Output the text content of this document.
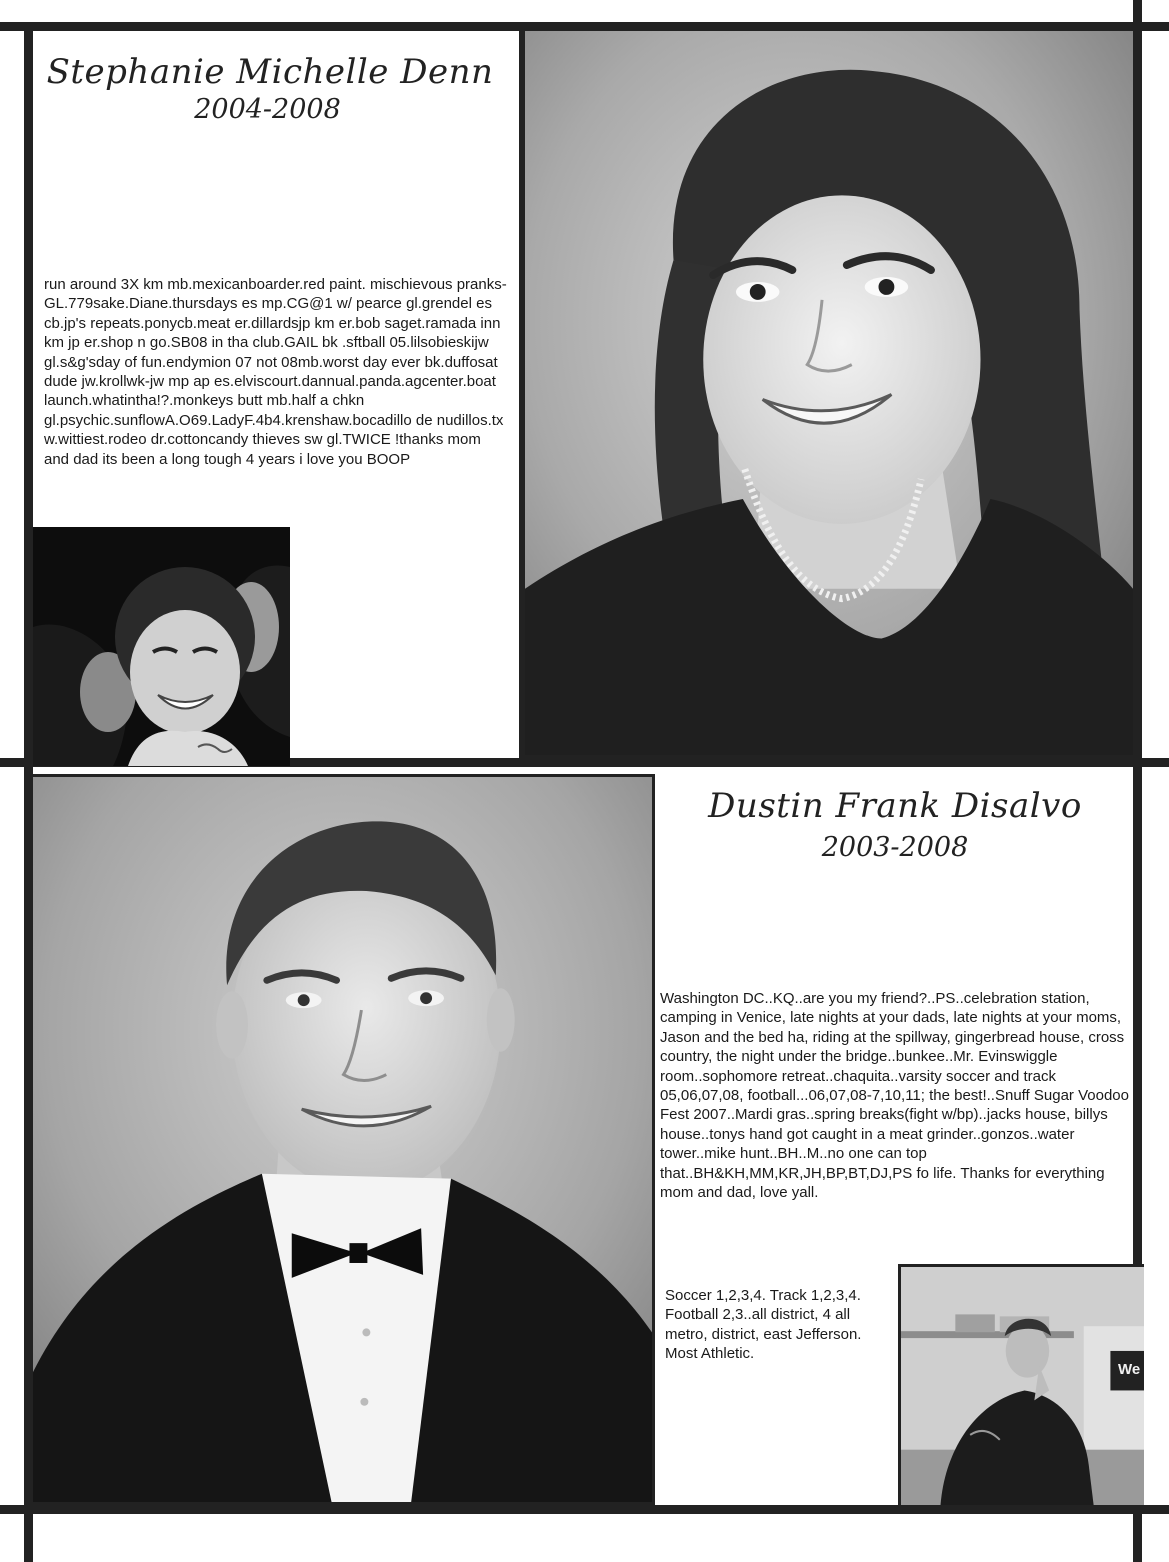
Stephanie Michelle Denn
2004-2008
run around 3X km mb.mexicanboarder.red paint. mischievous pranks-GL.779sake.Diane.thursdays es mp.CG@1 w/ pearce gl.grendel es cb.jp's repeats.ponycb.meat er.dillardsjp km er.bob saget.ramada inn km jp er.shop n go.SB08 in tha club.GAIL bk .sftball 05.lilsobieskijw gl.s&g'sday of fun.endymion 07 not 08mb.worst day ever bk.duffosat dude jw.krollwk-jw mp ap es.elviscourt.dannual.panda.agcenter.boat launch.whatintha!?.monkeys butt mb.half a chkn gl.psychic.sunflowA.O69.LadyF.4b4.krenshaw.bocadillo de nudillos.tx w.wittiest.rodeo dr.cottoncandy thieves sw gl.TWICE !thanks mom and dad its been a long tough 4 years i love you BOOP
Dustin Frank Disalvo
2003-2008
Washington DC..KQ..are you my friend?..PS..celebration station, camping in Venice, late nights at your dads, late nights at your moms, Jason and the bed ha, riding at the spillway, gingerbread house, cross country, the night under the bridge..bunkee..Mr. Evinswiggle room..sophomore retreat..chaquita..varsity soccer and track 05,06,07,08, football...06,07,08-7,10,11; the best!..Snuff Sugar Voodoo Fest 2007..Mardi gras..spring breaks(fight w/bp)..jacks house, billys house..tonys hand got caught in a meat grinder..gonzos..water tower..mike hunt..BH..M..no one can top that..BH&KH,MM,KR,JH,BP,BT,DJ,PS fo life. Thanks for everything mom and dad, love yall.
Soccer 1,2,3,4. Track 1,2,3,4. Football 2,3..all district, 4 all metro, district, east Jefferson. Most Athletic.
We
